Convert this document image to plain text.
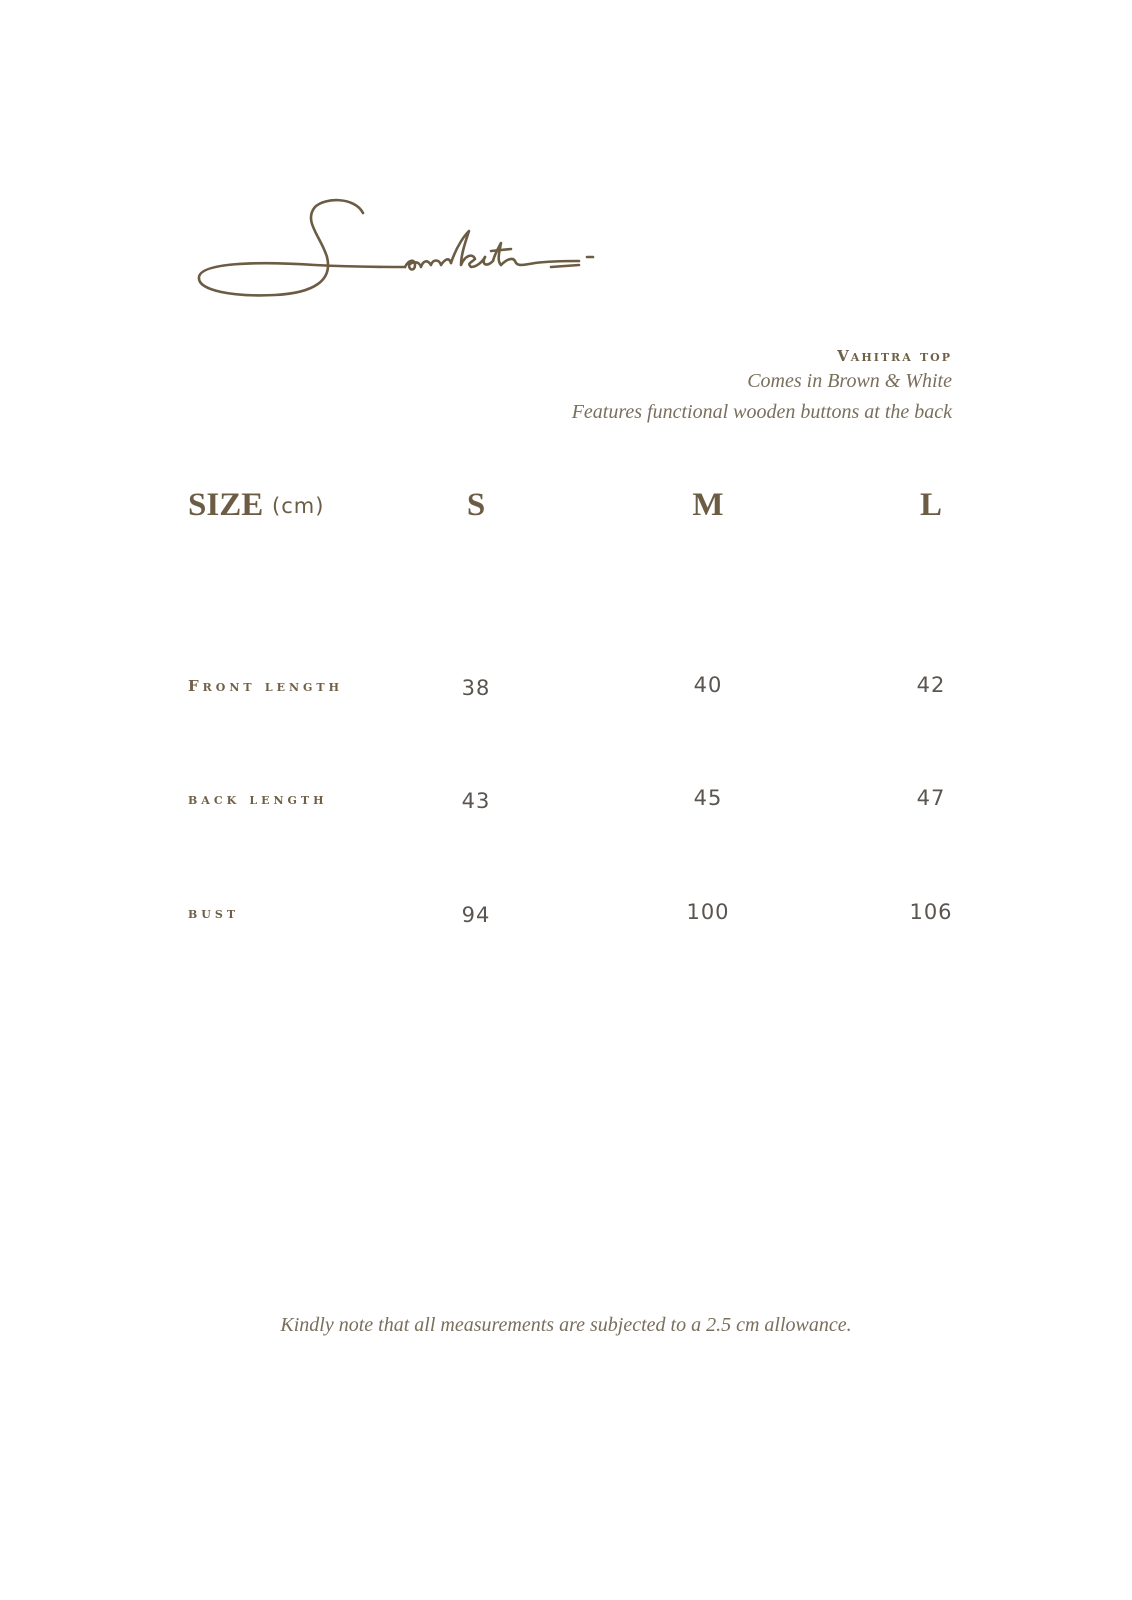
Vahitra top
Comes in Brown & White
Features functional wooden buttons at the back
SIZE (cm)	S	M	L
Front length	38	40	42
back length	43	45	47
bust	94	100	106
Kindly note that all measurements are subjected to a 2.5 cm allowance.
